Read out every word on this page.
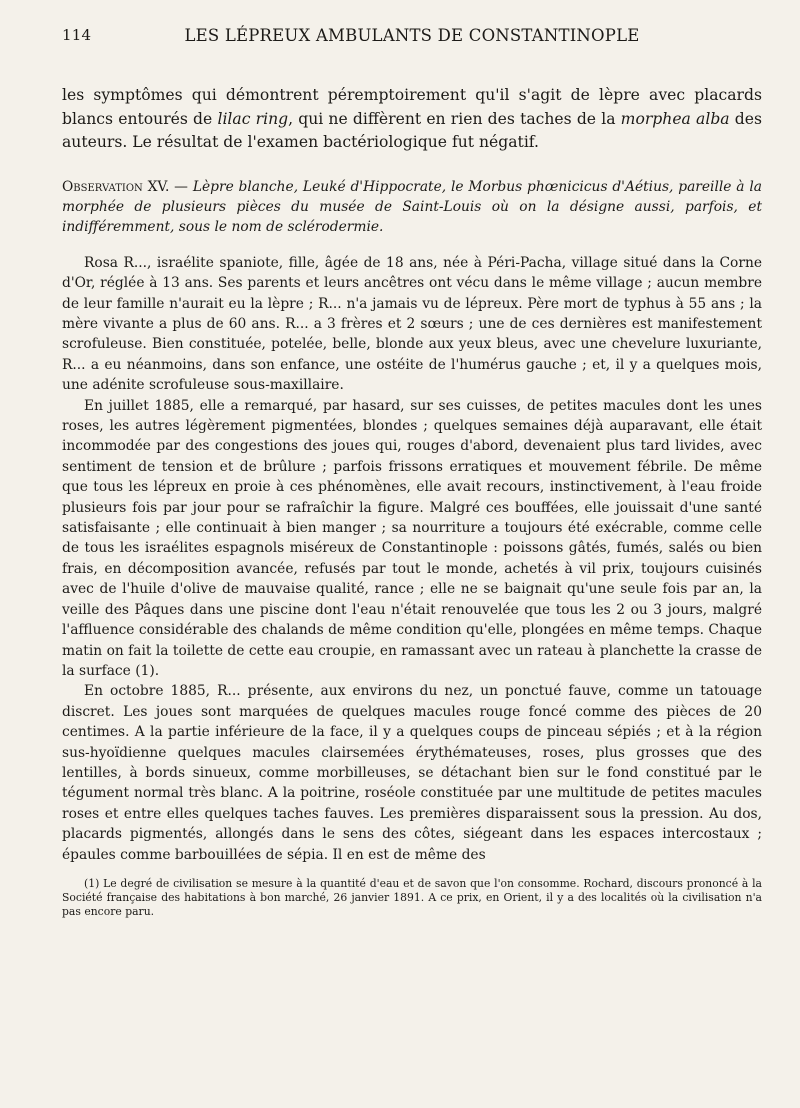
114	LES LÉPREUX AMBULANTS DE CONSTANTINOPLE

les symptômes qui démontrent péremptoirement qu'il s'agit de lèpre avec placards blancs entourés de lilac ring, qui ne diffèrent en rien des taches de la morphea alba des auteurs. Le résultat de l'examen bactériologique fut négatif.

Observation XV. — Lèpre blanche, Leuké d'Hippocrate, le Morbus phœnicicus d'Aétius, pareille à la morphée de plusieurs pièces du musée de Saint-Louis où on la désigne aussi, parfois, et indifféremment, sous le nom de sclérodermie.

Rosa R..., israélite spaniote, fille, âgée de 18 ans, née à Péri-Pacha, village situé dans la Corne d'Or, réglée à 13 ans. Ses parents et leurs ancêtres ont vécu dans le même village ; aucun membre de leur famille n'aurait eu la lèpre ; R... n'a jamais vu de lépreux. Père mort de typhus à 55 ans ; la mère vivante a plus de 60 ans. R... a 3 frères et 2 sœurs ; une de ces dernières est manifestement scrofuleuse. Bien constituée, potelée, belle, blonde aux yeux bleus, avec une chevelure luxuriante, R... a eu néanmoins, dans son enfance, une ostéite de l'humérus gauche ; et, il y a quelques mois, une adénite scrofuleuse sous-maxillaire.

En juillet 1885, elle a remarqué, par hasard, sur ses cuisses, de petites macules dont les unes roses, les autres légèrement pigmentées, blondes ; quelques semaines déjà auparavant, elle était incommodée par des congestions des joues qui, rouges d'abord, devenaient plus tard livides, avec sentiment de tension et de brûlure ; parfois frissons erratiques et mouvement fébrile. De même que tous les lépreux en proie à ces phénomènes, elle avait recours, instinctivement, à l'eau froide plusieurs fois par jour pour se rafraîchir la figure. Malgré ces bouffées, elle jouissait d'une santé satisfaisante ; elle continuait à bien manger ; sa nourriture a toujours été exécrable, comme celle de tous les israélites espagnols miséreux de Constantinople : poissons gâtés, fumés, salés ou bien frais, en décomposition avancée, refusés par tout le monde, achetés à vil prix, toujours cuisinés avec de l'huile d'olive de mauvaise qualité, rance ; elle ne se baignait qu'une seule fois par an, la veille des Pâques dans une piscine dont l'eau n'était renouvelée que tous les 2 ou 3 jours, malgré l'affluence considérable des chalands de même condition qu'elle, plongées en même temps. Chaque matin on fait la toilette de cette eau croupie, en ramassant avec un rateau à planchette la crasse de la surface (1).

En octobre 1885, R... présente, aux environs du nez, un ponctué fauve, comme un tatouage discret. Les joues sont marquées de quelques macules rouge foncé comme des pièces de 20 centimes. A la partie inférieure de la face, il y a quelques coups de pinceau sépiés ; et à la région sus-hyoïdienne quelques macules clairsemées érythémateuses, roses, plus grosses que des lentilles, à bords sinueux, comme morbilleuses, se détachant bien sur le fond constitué par le tégument normal très blanc. A la poitrine, roséole constituée par une multitude de petites macules roses et entre elles quelques taches fauves. Les premières disparaissent sous la pression. Au dos, placards pigmentés, allongés dans le sens des côtes, siégeant dans les espaces intercostaux ; épaules comme barbouillées de sépia. Il en est de même des

(1) Le degré de civilisation se mesure à la quantité d'eau et de savon que l'on consomme. Rochard, discours prononcé à la Société française des habitations à bon marché, 26 janvier 1891. A ce prix, en Orient, il y a des localités où la civilisation n'a pas encore paru.
